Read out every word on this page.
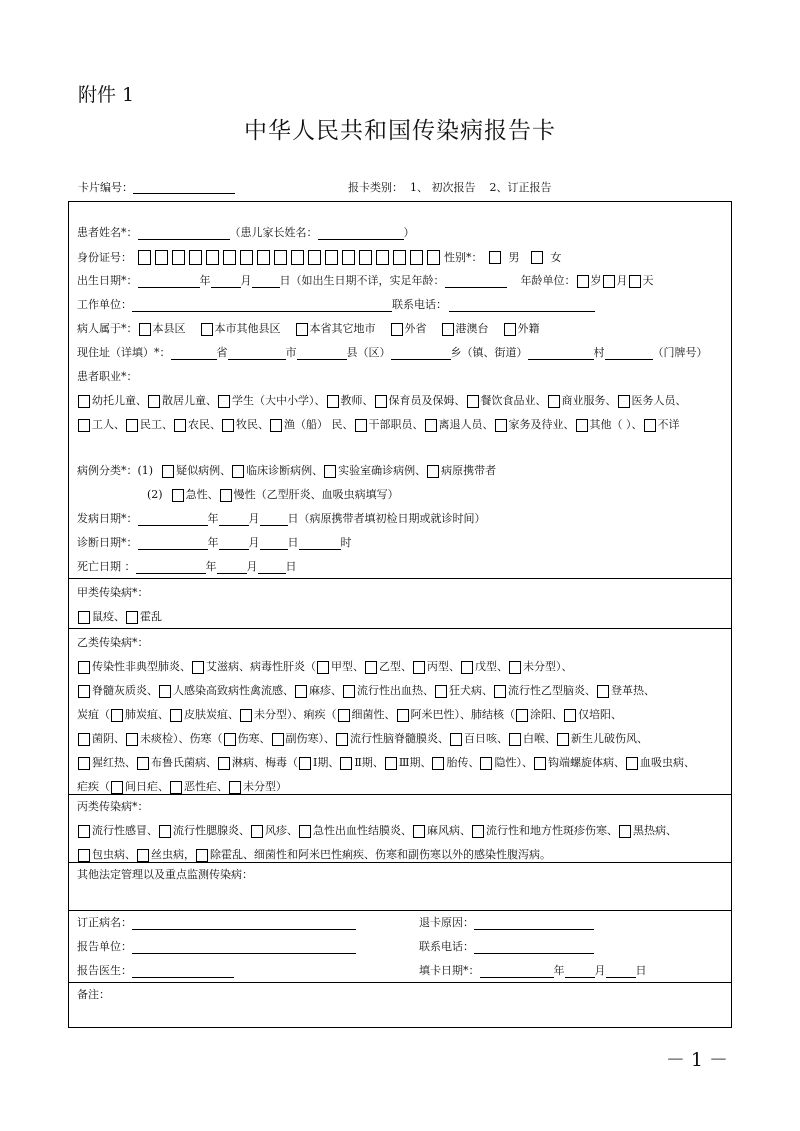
附件 1
中华人民共和国传染病报告卡
卡片编号：	报卡类别：  1、 初次报告    2、订正报告
患者姓名*：	（患儿家长姓名：	）
身份证号：	性别*： 男	女
出生日期*：	年	月	日 （如出生日期不详，实足年龄：	年龄单位： 岁 月 天
工作单位：	联系电话：
病人属于*： 本县区	本市其他县区	本省其它地市	外省	港澳台	外籍
现住址（详填）*：	省	市	县（区）	乡（镇、街道）	村	（门牌号）
患者职业*：
幼托儿童、 散居儿童、 学生（大中小学）、 教师、 保育员及保姆、 餐饮食品业、 商业服务、 医务人员、
工人、 民工、 农民、 牧民、 渔（船） 民、 干部职员、 离退人员、 家务及待业、 其他（ ）、 不详
病例分类*： (1) 疑似病例、 临床诊断病例、 实验室确诊病例、 病原携带者
(2) 急性、 慢性（乙型肝炎、血吸虫病填写）
发病日期*：	年	月	日（病原携带者填初检日期或就诊时间）
诊断日期*：	年	月	日	时
死亡日期 ：	年	月	日
甲类传染病*：
鼠疫、 霍乱
乙类传染病*：
传染性非典型肺炎、 艾滋病、病毒性肝炎（ 甲型、 乙型、 丙型、 戊型、 未分型）、
脊髓灰质炎、 人感染高致病性禽流感、 麻疹、 流行性出血热、 狂犬病、 流行性乙型脑炎、 登革热、
炭疽（ 肺炭疽、 皮肤炭疽、 未分型）、痢疾（ 细菌性、 阿米巴性）、肺结核（ 涂阳、 仅培阳、
菌阴、 未痰检）、伤寒（ 伤寒、 副伤寒）、 流行性脑脊髓膜炎、 百日咳、 白喉、 新生儿破伤风、
猩红热、 布鲁氏菌病、 淋病、梅毒（ Ⅰ期、 Ⅱ期、 Ⅲ期、 胎传、 隐性）、 钩端螺旋体病、 血吸虫病、
疟疾（ 间日疟、 恶性疟、 未分型）
丙类传染病*：
流行性感冒、 流行性腮腺炎、 风疹、 急性出血性结膜炎、 麻风病、 流行性和地方性斑疹伤寒、 黑热病、
包虫病、 丝虫病， 除霍乱、细菌性和阿米巴性痢疾、伤寒和副伤寒以外的感染性腹泻病。
其他法定管理以及重点监测传染病：
订正病名：	退卡原因：
报告单位：	联系电话：
报告医生：	填卡日期*：	年	月	日
备注：
－ 1 －
